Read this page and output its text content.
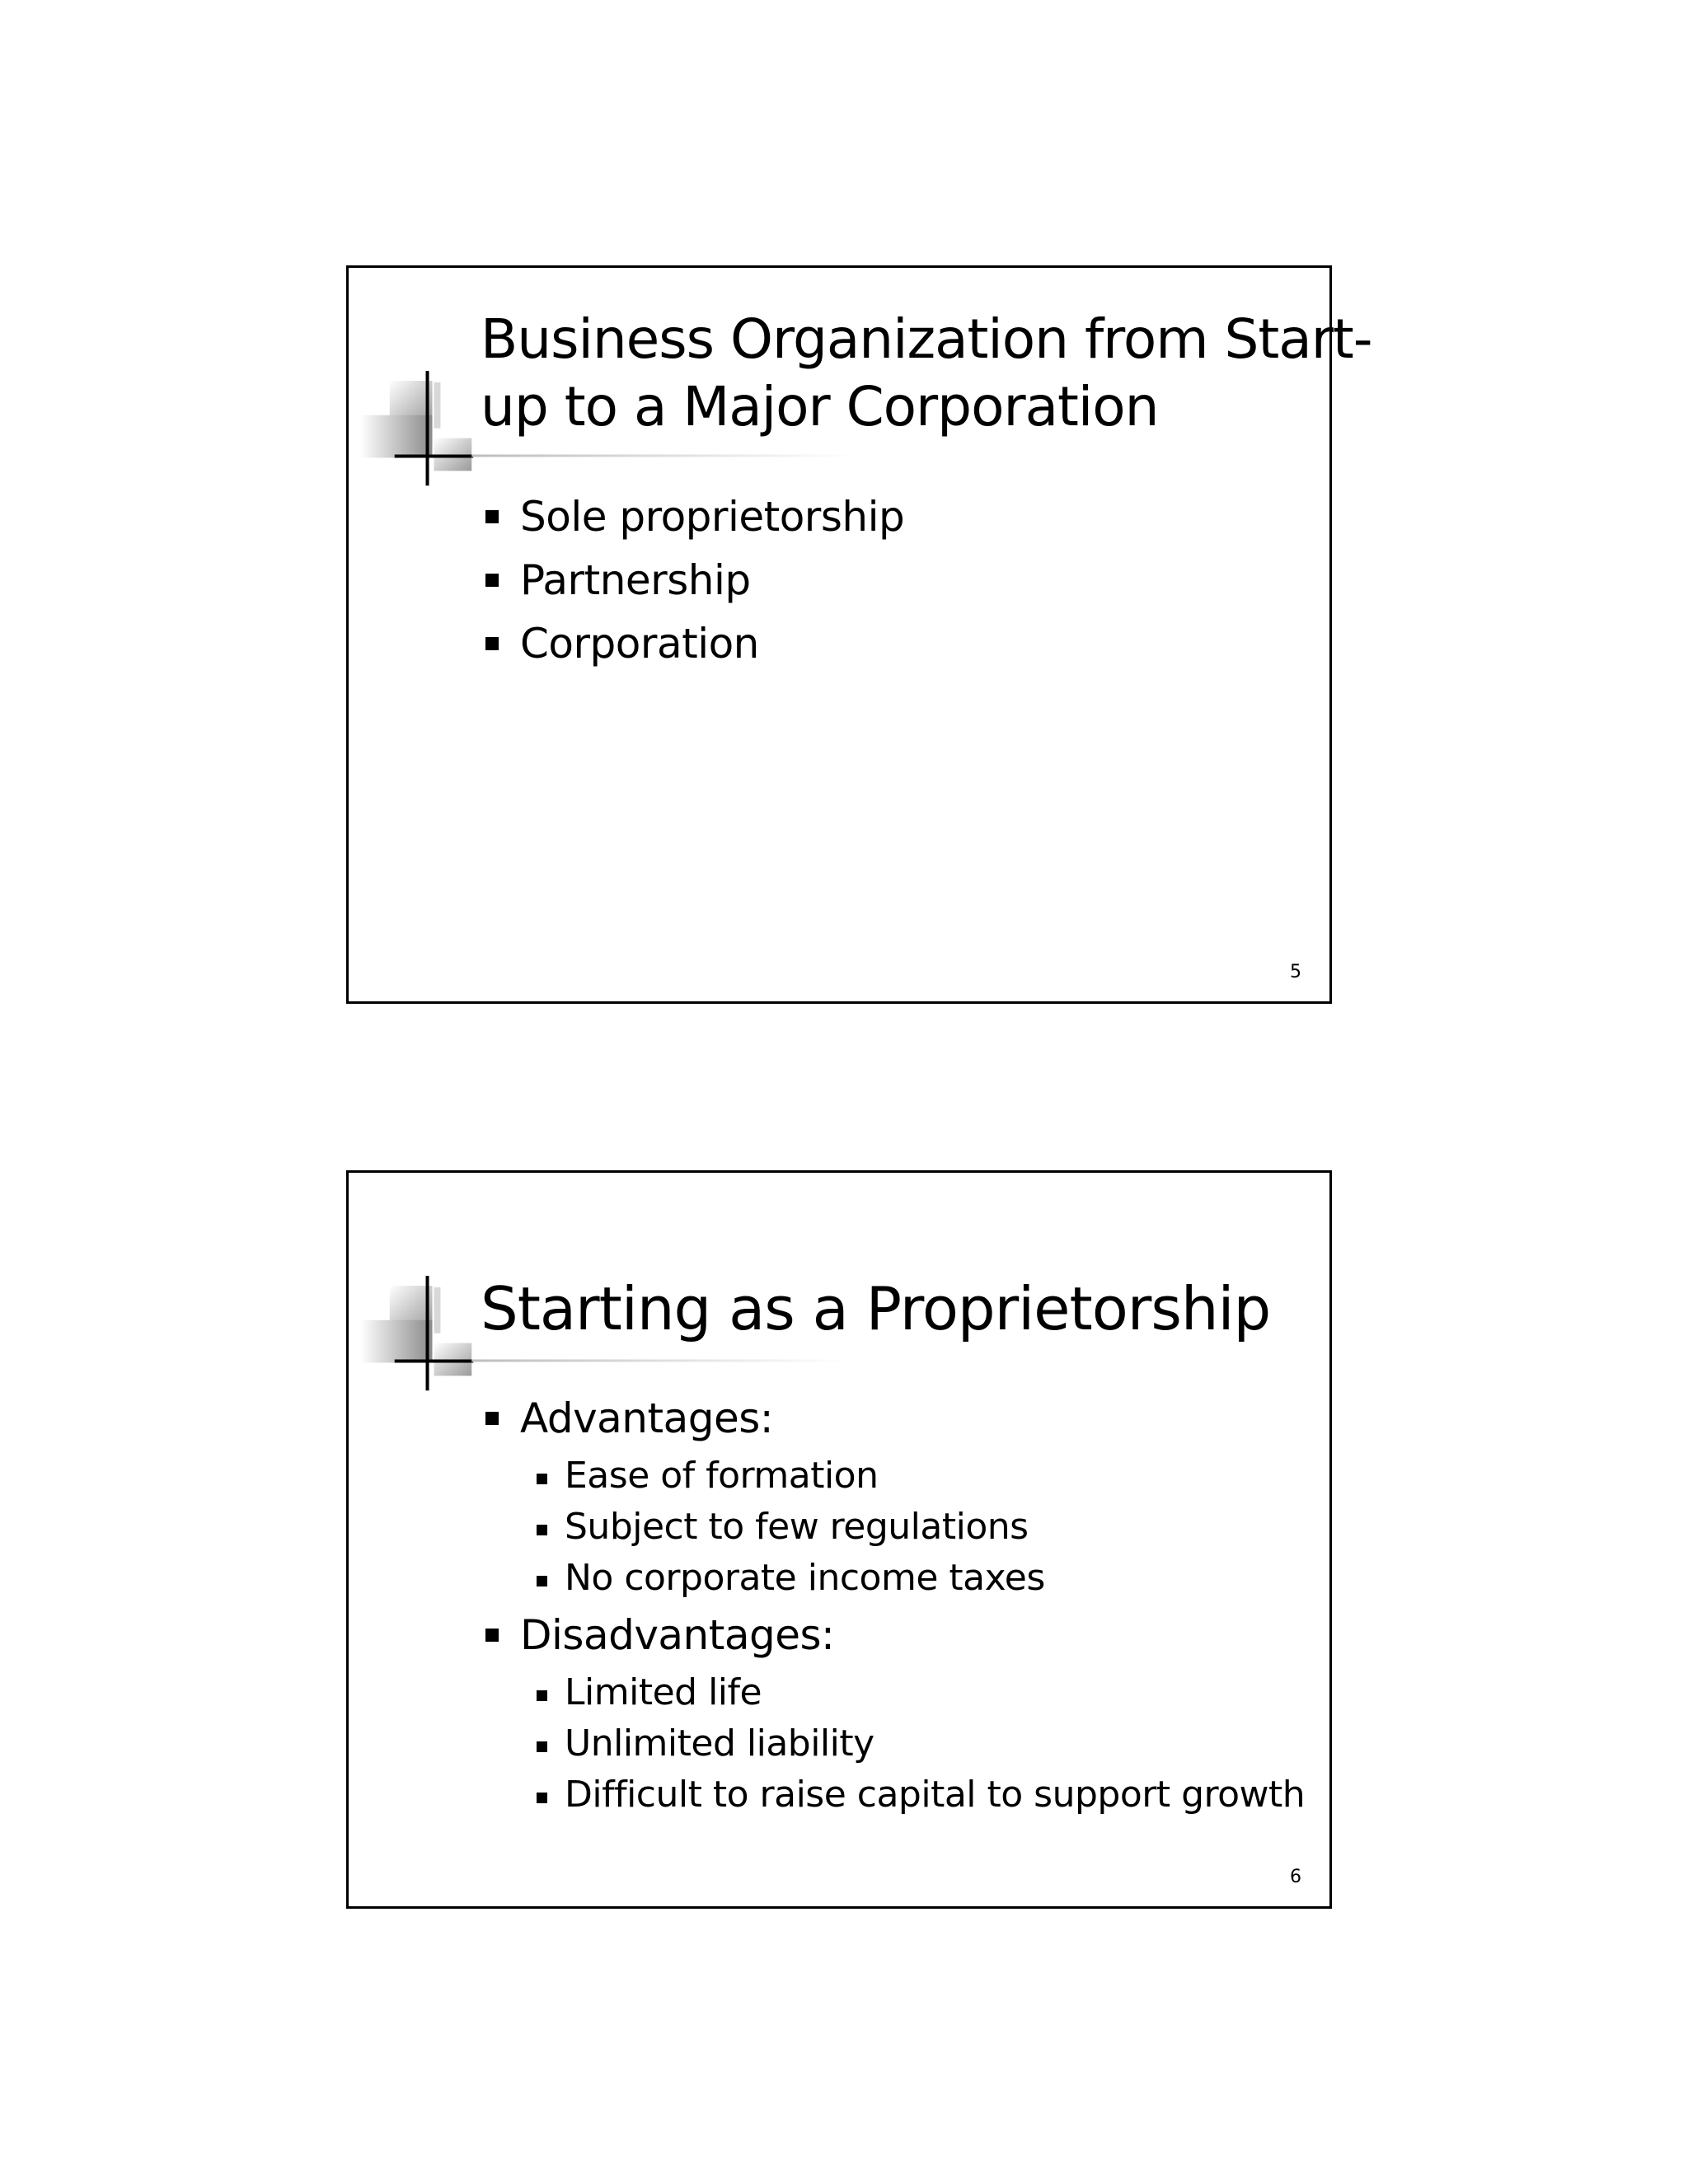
Business Organization from Start-
up to a Major Corporation
Sole proprietorship
Partnership
Corporation
5
Starting as a Proprietorship
Advantages:
Ease of formation
Subject to few regulations
No corporate income taxes
Disadvantages:
Limited life
Unlimited liability
Difficult to raise capital to support growth
6
